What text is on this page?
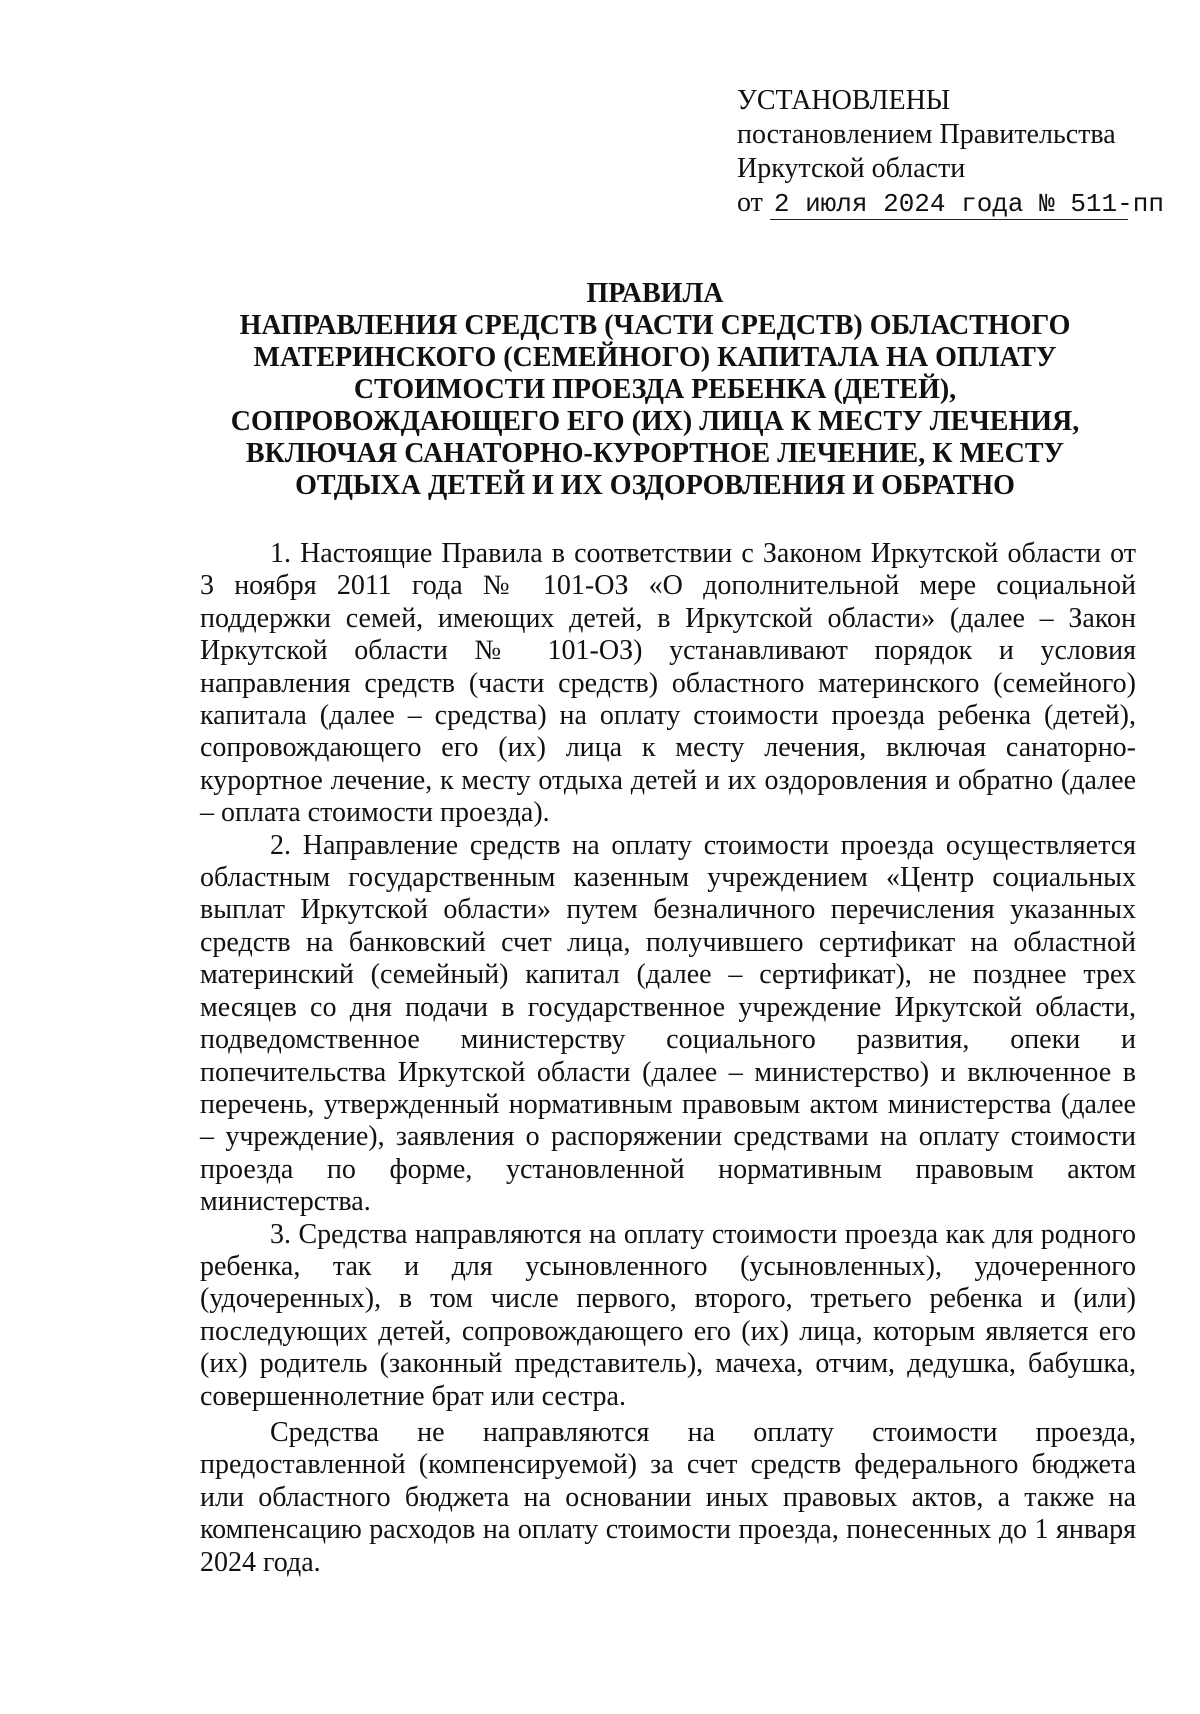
УСТАНОВЛЕНЫ
постановлением Правительства
Иркутской области
от 2 июля 2024 года № 511-пп
ПРАВИЛА
НАПРАВЛЕНИЯ СРЕДСТВ (ЧАСТИ СРЕДСТВ) ОБЛАСТНОГО МАТЕРИНСКОГО (СЕМЕЙНОГО) КАПИТАЛА НА ОПЛАТУ СТОИМОСТИ ПРОЕЗДА РЕБЕНКА (ДЕТЕЙ), СОПРОВОЖДАЮЩЕГО ЕГО (ИХ) ЛИЦА К МЕСТУ ЛЕЧЕНИЯ, ВКЛЮЧАЯ САНАТОРНО-КУРОРТНОЕ ЛЕЧЕНИЕ, К МЕСТУ ОТДЫХА ДЕТЕЙ И ИХ ОЗДОРОВЛЕНИЯ И ОБРАТНО

1. Настоящие Правила в соответствии с Законом Иркутской области от 3 ноября 2011 года № 101-ОЗ «О дополнительной мере социальной поддержки семей, имеющих детей, в Иркутской области» (далее – Закон Иркутской области № 101-ОЗ) устанавливают порядок и условия направления средств (части средств) областного материнского (семейного) капитала (далее – средства) на оплату стоимости проезда ребенка (детей), сопровождающего его (их) лица к месту лечения, включая санаторно-курортное лечение, к месту отдыха детей и их оздоровления и обратно (далее – оплата стоимости проезда).

2. Направление средств на оплату стоимости проезда осуществляется областным государственным казенным учреждением «Центр социальных выплат Иркутской области» путем безналичного перечисления указанных средств на банковский счет лица, получившего сертификат на областной материнский (семейный) капитал (далее – сертификат), не позднее трех месяцев со дня подачи в государственное учреждение Иркутской области, подведомственное министерству социального развития, опеки и попечительства Иркутской области (далее – министерство) и включенное в перечень, утвержденный нормативным правовым актом министерства (далее – учреждение), заявления о распоряжении средствами на оплату стоимости проезда по форме, установленной нормативным правовым актом министерства.

3. Средства направляются на оплату стоимости проезда как для родного ребенка, так и для усыновленного (усыновленных), удочеренного (удочеренных), в том числе первого, второго, третьего ребенка и (или) последующих детей, сопровождающего его (их) лица, которым является его (их) родитель (законный представитель), мачеха, отчим, дедушка, бабушка, совершеннолетние брат или сестра.

Средства не направляются на оплату стоимости проезда, предоставленной (компенсируемой) за счет средств федерального бюджета или областного бюджета на основании иных правовых актов, а также на компенсацию расходов на оплату стоимости проезда, понесенных до 1 января 2024 года.
